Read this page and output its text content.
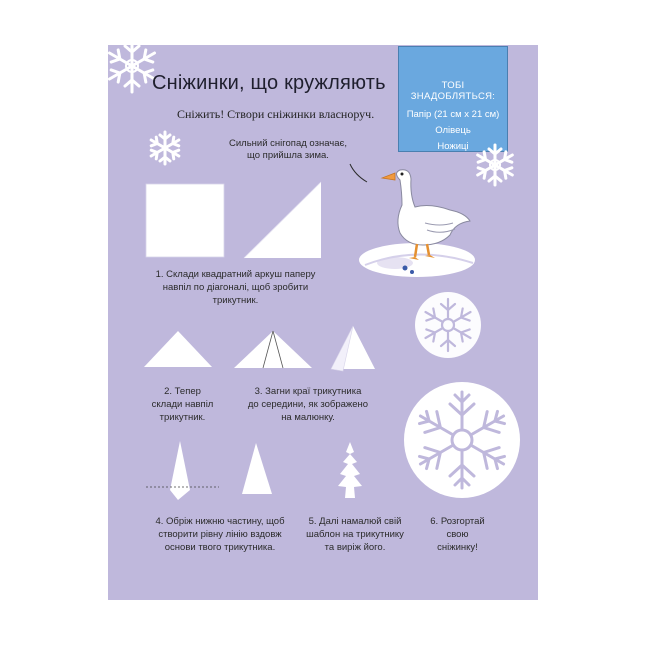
Сніжинки, що кружляють
Сніжить! Створи сніжинки власноруч.
ТОБІ ЗНАДОБЛЯТЬСЯ:
Папір (21 см х 21 см)
Олівець
Ножиці
Сильний снігопад означає,
що прийшла зима.
1. Склади квадратний аркуш паперу
навпіл по діагоналі, щоб зробити
трикутник.
2. Тепер
склади навпіл
трикутник.
3. Загни краї трикутника
до середини, як зображено
на малюнку.
4. Обріж нижню частину, щоб
створити рівну лінію вздовж
основи твого трикутника.
5. Далі намалюй свій
шаблон на трикутнику
та виріж його.
6. Розгортай
свою
сніжинку!
